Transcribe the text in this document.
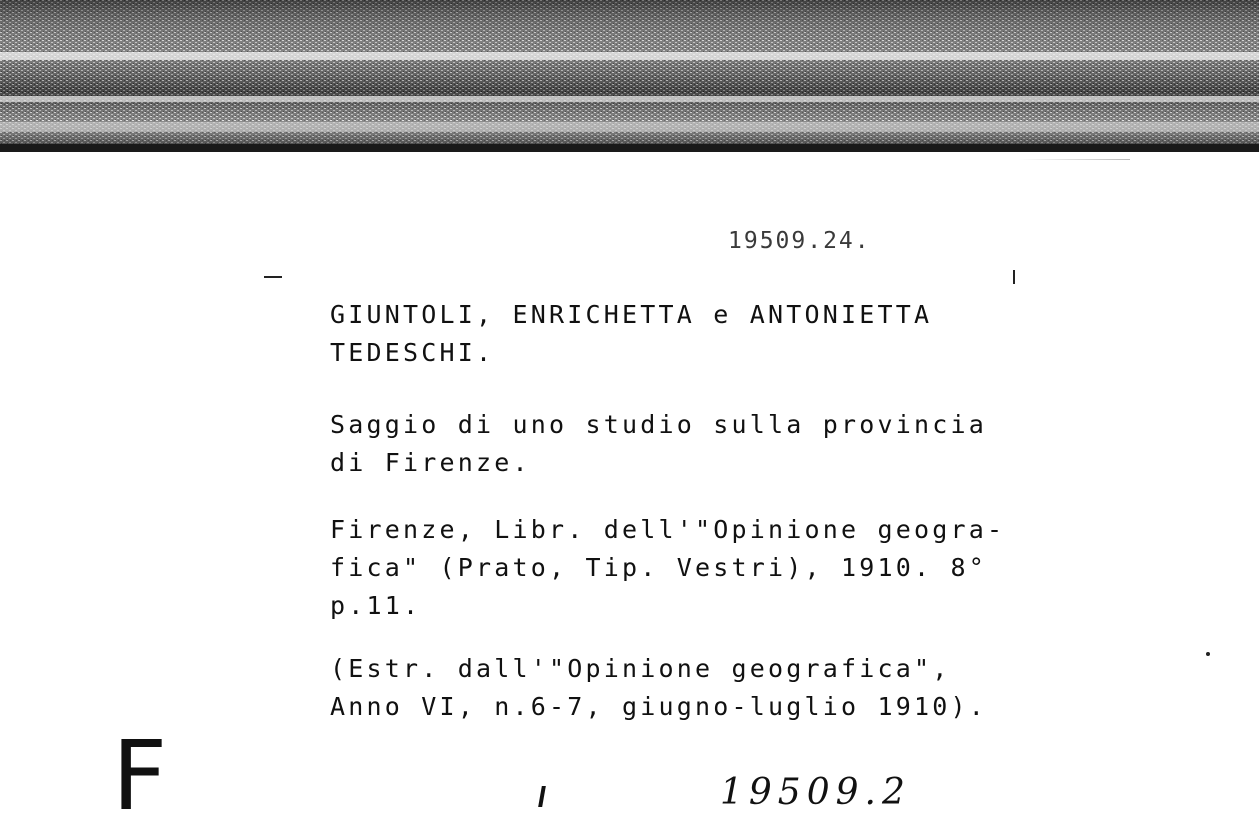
19509.24.
GIUNTOLI, ENRICHETTA e ANTONIETTA
TEDESCHI.
Saggio di uno studio sulla provincia
di Firenze.
Firenze, Libr. dell'"Opinione geogra-
fica" (Prato, Tip. Vestri), 1910. 8°
p.11.
(Estr. dall'"Opinione geografica",
Anno VI, n.6-7, giugno-luglio 1910).
F	19509.2
